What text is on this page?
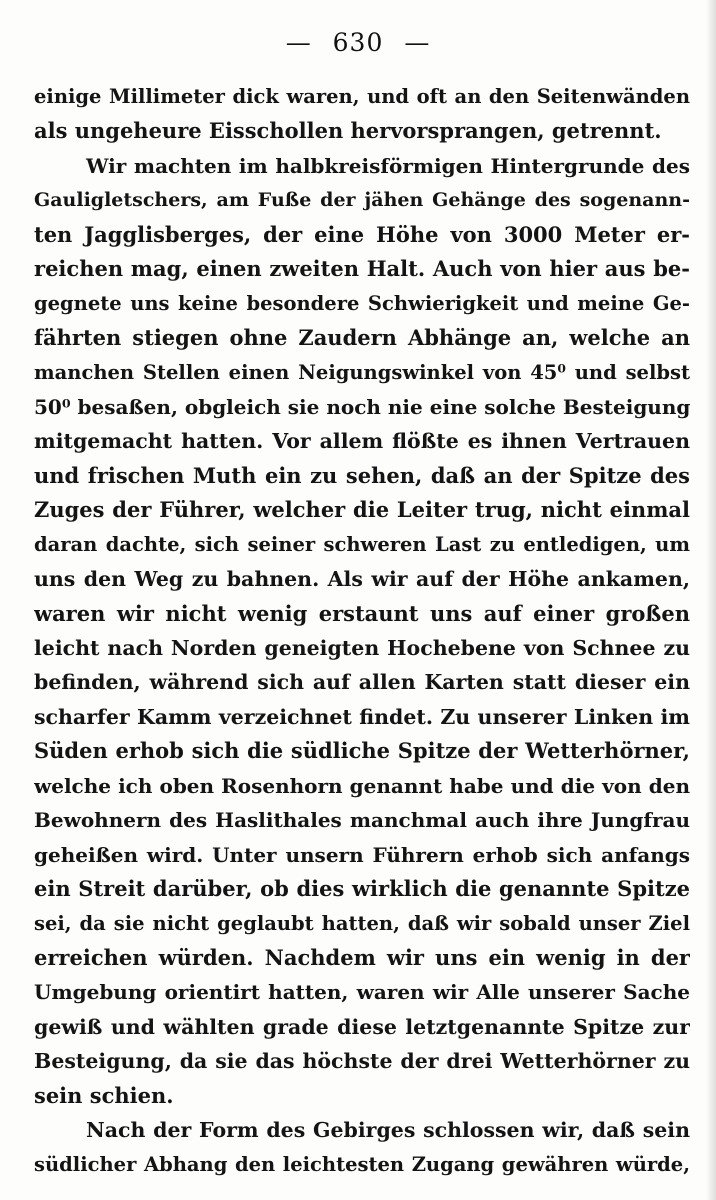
— 630 —
einige Millimeter dick waren, und oft an den Seitenwänden
als ungeheure Eisschollen hervorsprangen, getrennt.
Wir machten im halbkreisförmigen Hintergrunde des
Gauligletschers, am Fuße der jähen Gehänge des sogenann-
ten Jagglisberges, der eine Höhe von 3000 Meter er-
reichen mag, einen zweiten Halt. Auch von hier aus be-
gegnete uns keine besondere Schwierigkeit und meine Ge-
fährten stiegen ohne Zaudern Abhänge an, welche an
manchen Stellen einen Neigungswinkel von 45⁰ und selbst
50⁰ besaßen, obgleich sie noch nie eine solche Besteigung
mitgemacht hatten. Vor allem flößte es ihnen Vertrauen
und frischen Muth ein zu sehen, daß an der Spitze des
Zuges der Führer, welcher die Leiter trug, nicht einmal
daran dachte, sich seiner schweren Last zu entledigen, um
uns den Weg zu bahnen. Als wir auf der Höhe ankamen,
waren wir nicht wenig erstaunt uns auf einer großen
leicht nach Norden geneigten Hochebene von Schnee zu
befinden, während sich auf allen Karten statt dieser ein
scharfer Kamm verzeichnet findet. Zu unserer Linken im
Süden erhob sich die südliche Spitze der Wetterhörner,
welche ich oben Rosenhorn genannt habe und die von den
Bewohnern des Haslithales manchmal auch ihre Jungfrau
geheißen wird. Unter unsern Führern erhob sich anfangs
ein Streit darüber, ob dies wirklich die genannte Spitze
sei, da sie nicht geglaubt hatten, daß wir sobald unser Ziel
erreichen würden. Nachdem wir uns ein wenig in der
Umgebung orientirt hatten, waren wir Alle unserer Sache
gewiß und wählten grade diese letztgenannte Spitze zur
Besteigung, da sie das höchste der drei Wetterhörner zu
sein schien.
Nach der Form des Gebirges schlossen wir, daß sein
südlicher Abhang den leichtesten Zugang gewähren würde,
